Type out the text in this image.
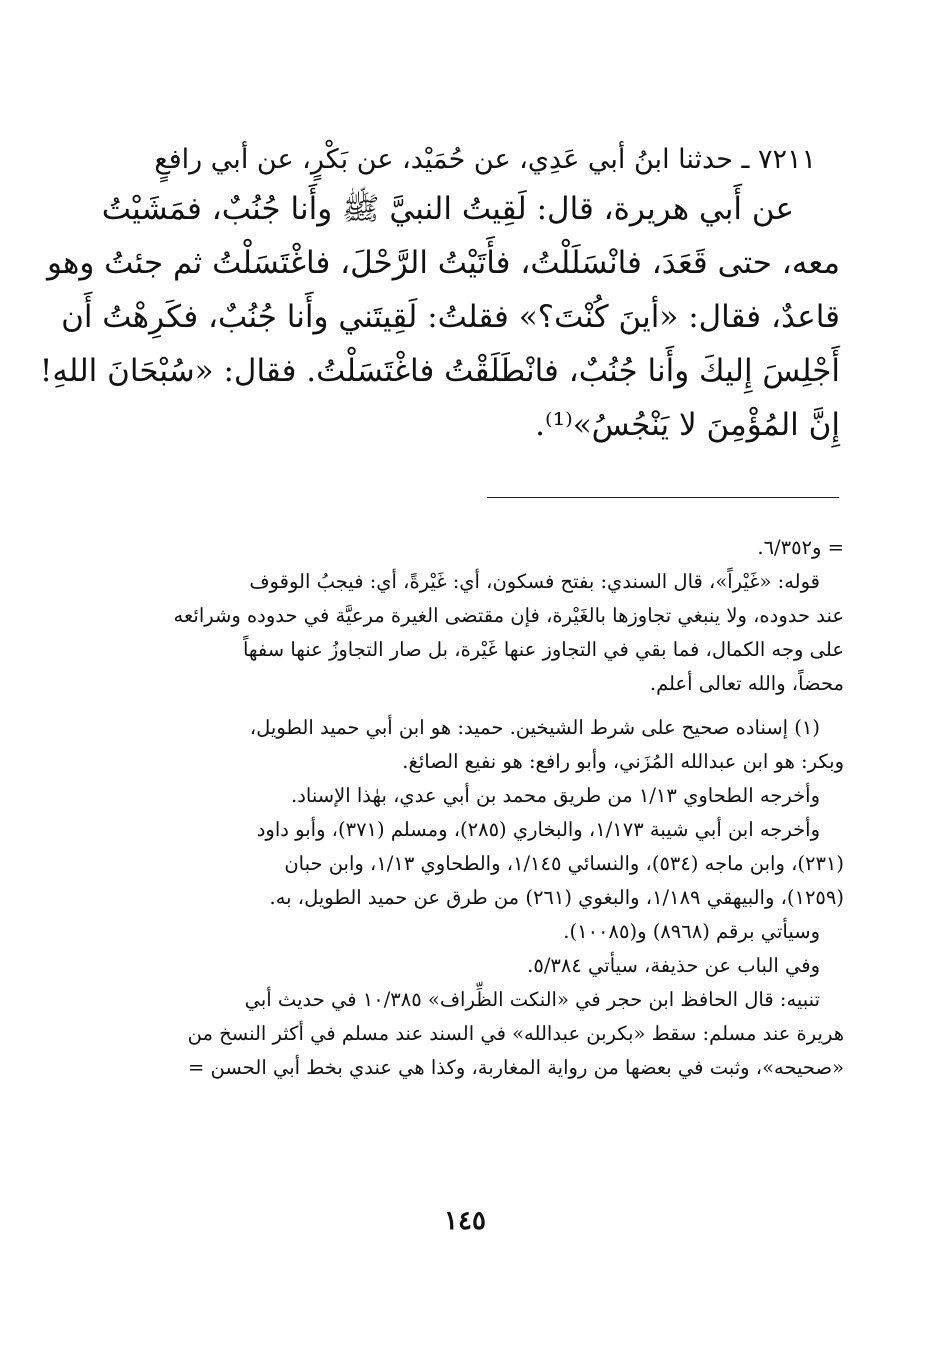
٧٢١١ ـ حدثنا ابنُ أبي عَدِي، عن حُمَيْد، عن بَكْرٍ، عن أبي رافعٍ
عن أَبي هريرة، قال: لَقِيتُ النبيَّ ﷺ وأَنا جُنُبٌ، فمَشَيْتُ
معه، حتى قَعَدَ، فانْسَلَلْتُ، فأَتَيْتُ الرَّحْلَ، فاغْتَسَلْتُ ثم جئتُ وهو
قاعدٌ، فقال: «أينَ كُنْتَ؟» فقلتُ: لَقِيتَني وأَنا جُنُبٌ، فكَرِهْتُ أَن
أَجْلِسَ إِليكَ وأَنا جُنُبٌ، فانْطَلَقْتُ فاغْتَسَلْتُ. فقال: «سُبْحَانَ اللهِ!
إِنَّ المُؤْمِنَ لا يَنْجُسُ»⁽¹⁾.
= و٦/٣٥٢.
قوله: «غَيْراً»، قال السندي: بفتح فسكون، أي: غَيْرةً، أي: فيجبُ الوقوف
عند حدوده، ولا ينبغي تجاوزها بالغَيْرة، فإن مقتضى الغيرة مرعيَّة في حدوده وشرائعه
على وجه الكمال، فما بقي في التجاوز عنها غَيْرة، بل صار التجاوزُ عنها سفهاً
محضاً، والله تعالى أعلم.
(١) إسناده صحيح على شرط الشيخين. حميد: هو ابن أبي حميد الطويل،
وبكر: هو ابن عبدالله المُزَني، وأبو رافع: هو نفيع الصائغ.
وأخرجه الطحاوي ١/١٣ من طريق محمد بن أبي عدي، بهٰذا الإسناد.
وأخرجه ابن أبي شيبة ١/١٧٣، والبخاري (٢٨٥)، ومسلم (٣٧١)، وأبو داود
(٢٣١)، وابن ماجه (٥٣٤)، والنسائي ١/١٤٥، والطحاوي ١/١٣، وابن حبان
(١٢٥٩)، والبيهقي ١/١٨٩، والبغوي (٢٦١) من طرق عن حميد الطويل، به.
وسيأتي برقم (٨٩٦٨) و(١٠٠٨٥).
وفي الباب عن حذيفة، سيأتي ٥/٣٨٤.
تنبيه: قال الحافظ ابن حجر في «النكت الظِّراف» ١٠/٣٨٥ في حديث أبي
هريرة عند مسلم: سقط «بكربن عبدالله» في السند عند مسلم في أكثر النسخ من
«صحيحه»، وثبت في بعضها من رواية المغاربة، وكذا هي عندي بخط أبي الحسن =
١٤٥
